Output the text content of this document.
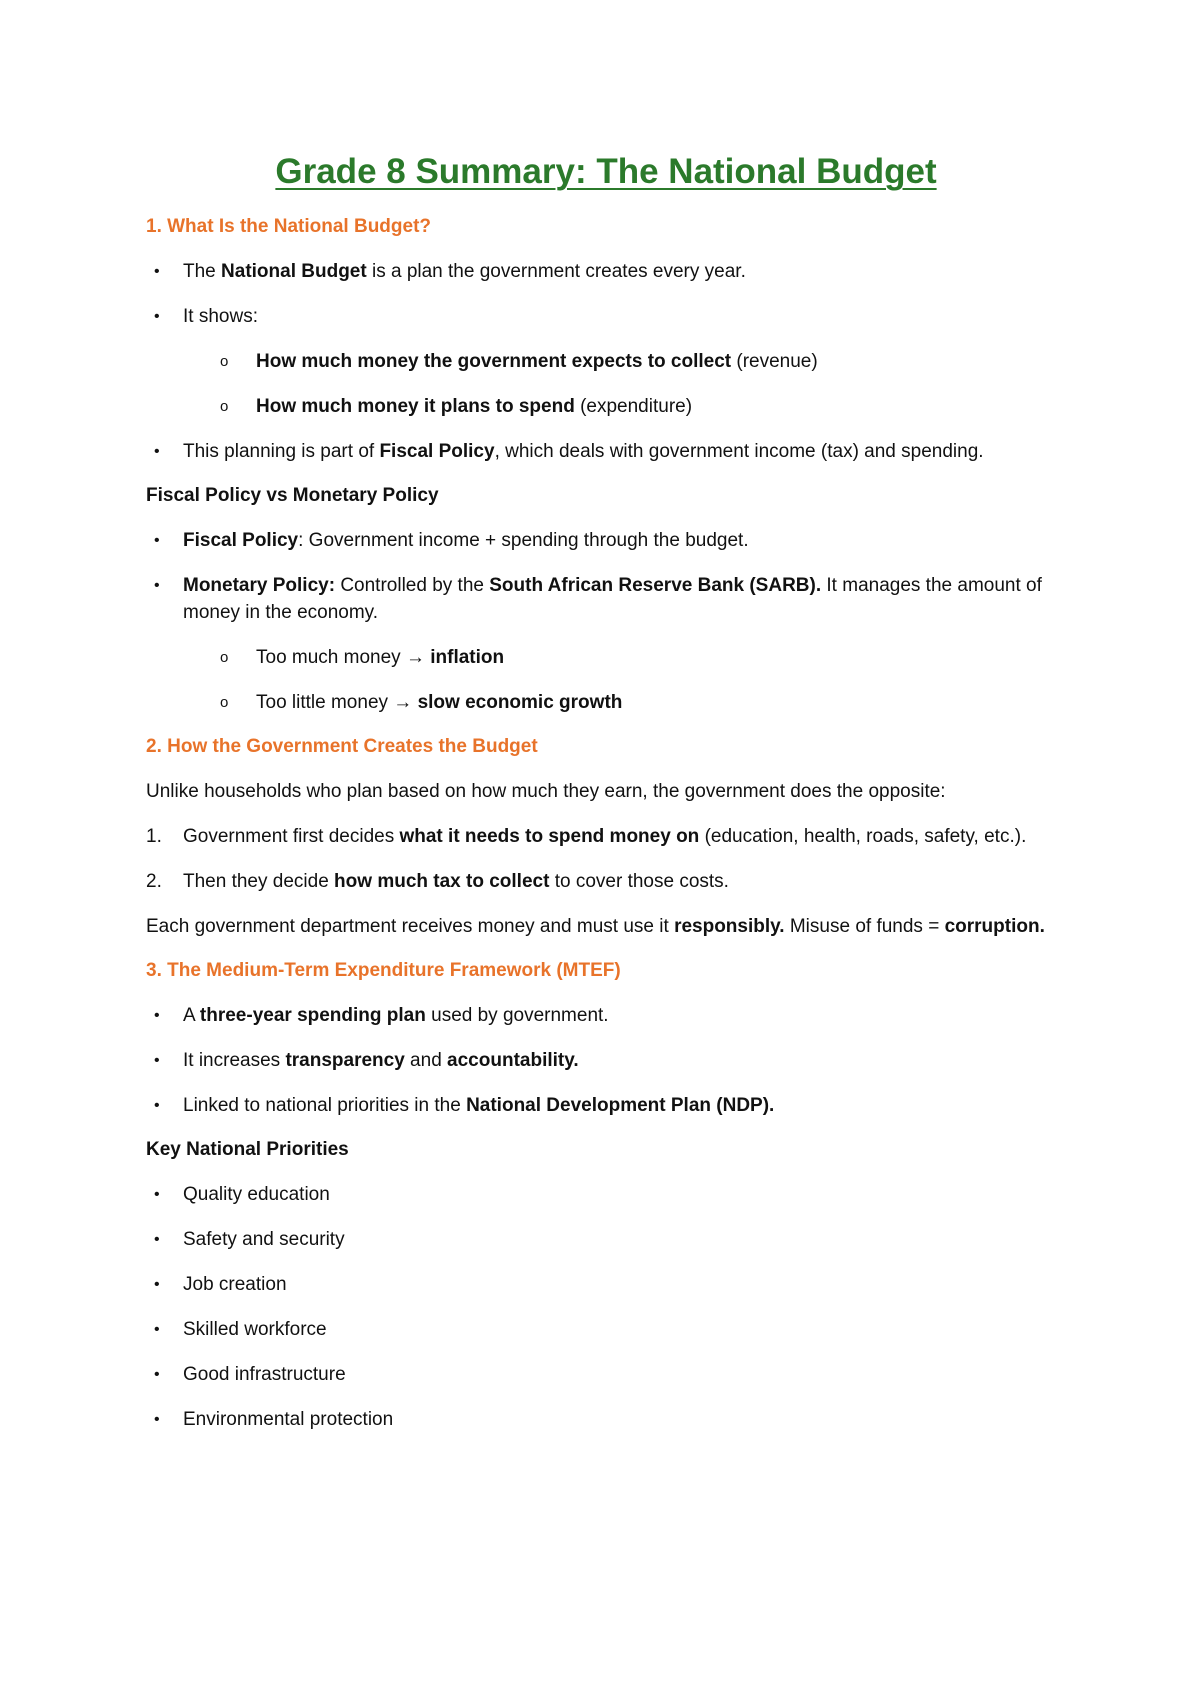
Grade 8 Summary: The National Budget
1. What Is the National Budget?
• The National Budget is a plan the government creates every year.
• It shows:
o How much money the government expects to collect (revenue)
o How much money it plans to spend (expenditure)
• This planning is part of Fiscal Policy, which deals with government income (tax) and spending.
Fiscal Policy vs Monetary Policy
• Fiscal Policy: Government income + spending through the budget.
• Monetary Policy: Controlled by the South African Reserve Bank (SARB). It manages the amount of money in the economy.
o Too much money → inflation
o Too little money → slow economic growth
2. How the Government Creates the Budget
Unlike households who plan based on how much they earn, the government does the opposite:
1. Government first decides what it needs to spend money on (education, health, roads, safety, etc.).
2. Then they decide how much tax to collect to cover those costs.
Each government department receives money and must use it responsibly. Misuse of funds = corruption.
3. The Medium-Term Expenditure Framework (MTEF)
• A three-year spending plan used by government.
• It increases transparency and accountability.
• Linked to national priorities in the National Development Plan (NDP).
Key National Priorities
• Quality education
• Safety and security
• Job creation
• Skilled workforce
• Good infrastructure
• Environmental protection
